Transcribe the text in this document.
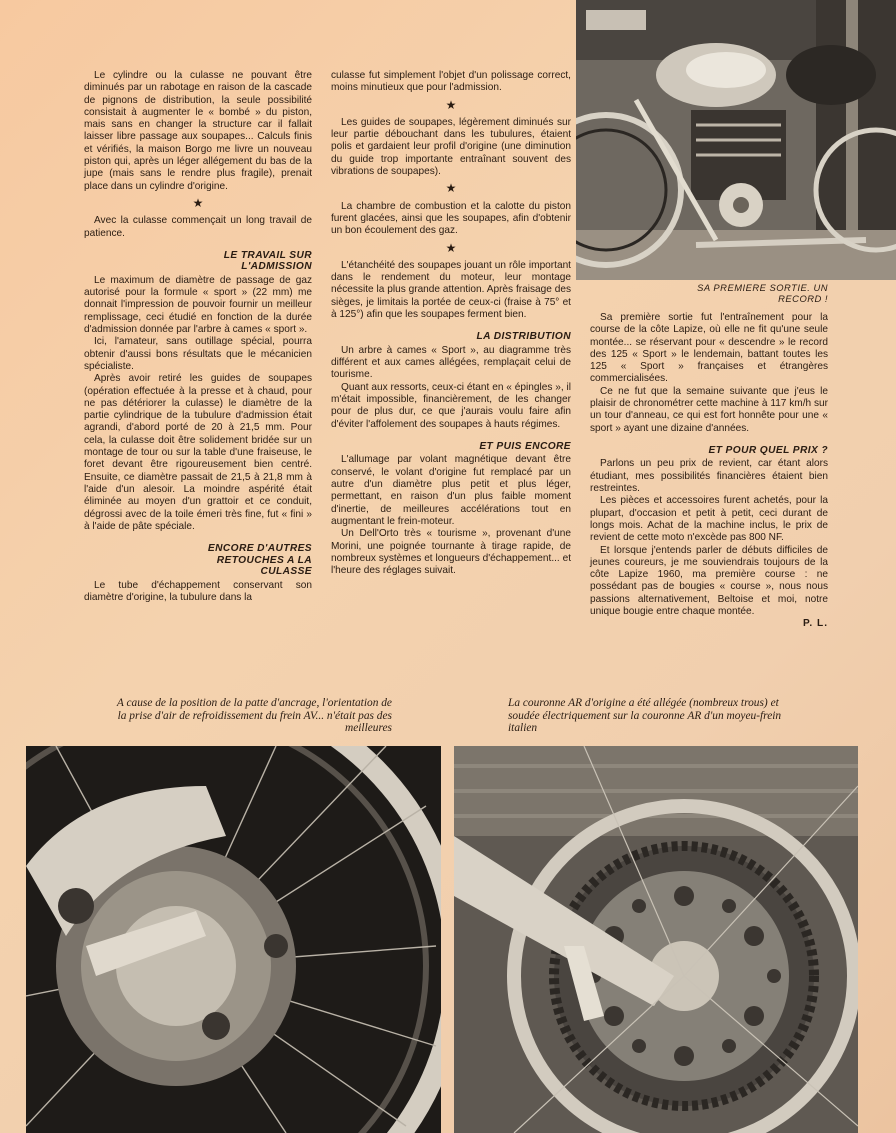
Le cylindre ou la culasse ne pouvant être diminués par un rabotage en raison de la cascade de pignons de distribution, la seule possibilité consistait à augmenter le « bombé » du piston, mais sans en changer la structure car il fallait laisser libre passage aux soupapes... Calculs finis et vérifiés, la maison Borgo me livre un nouveau piston qui, après un léger allégement du bas de la jupe (mais sans le rendre plus fragile), prenait place dans un cylindre d'origine.

★

Avec la culasse commençait un long travail de patience.

LE TRAVAIL SUR L'ADMISSION

Le maximum de diamètre de passage de gaz autorisé pour la formule « sport » (22 mm) me donnait l'impression de pouvoir fournir un meilleur remplissage, ceci étudié en fonction de la durée d'admission donnée par l'arbre à cames « sport ».

Ici, l'amateur, sans outillage spécial, pourra obtenir d'aussi bons résultats que le mécanicien spécialiste.

Après avoir retiré les guides de soupapes (opération effectuée à la presse et à chaud, pour ne pas détériorer la culasse) le diamètre de la partie cylindrique de la tubulure d'admission était agrandi, d'abord porté de 20 à 21,5 mm. Pour cela, la culasse doit être solidement bridée sur un montage de tour ou sur la table d'une fraiseuse, le foret devant être rigoureusement bien centré. Ensuite, ce diamètre passait de 21,5 à 21,8 mm à l'aide d'un alesoir. La moindre aspérité était éliminée au moyen d'un grattoir et ce conduit, dégrossi avec de la toile émeri très fine, fut « fini » à l'aide de pâte spéciale.

ENCORE D'AUTRES RETOUCHES A LA CULASSE

Le tube d'échappement conservant son diamètre d'origine, la tubulure dans la

culasse fut simplement l'objet d'un polissage correct, moins minutieux que pour l'admission.

★

Les guides de soupapes, légèrement diminués sur leur partie débouchant dans les tubulures, étaient polis et gardaient leur profil d'origine (une diminution du guide trop importante entraînant souvent des vibrations de soupapes).

★

La chambre de combustion et la calotte du piston furent glacées, ainsi que les soupapes, afin d'obtenir un bon écoulement des gaz.

★

L'étanchéité des soupapes jouant un rôle important dans le rendement du moteur, leur montage nécessite la plus grande attention. Après fraisage des sièges, je limitais la portée de ceux-ci (fraise à 75° et à 125°) afin que les soupapes ferment bien.

LA DISTRIBUTION

Un arbre à cames « Sport », au diagramme très différent et aux cames allégées, remplaçait celui de tourisme.

Quant aux ressorts, ceux-ci étant en « épingles », il m'était impossible, financièrement, de les changer pour de plus dur, ce que j'aurais voulu faire afin d'éviter l'affolement des soupapes à hauts régimes.

ET PUIS ENCORE

L'allumage par volant magnétique devant être conservé, le volant d'origine fut remplacé par un autre d'un diamètre plus petit et plus léger, permettant, en raison d'un plus faible moment d'inertie, de meilleures accélérations tout en augmentant le frein-moteur.

Un Dell'Orto très « tourisme », provenant d'une Morini, une poignée tournante à tirage rapide, de nombreux systèmes et longueurs d'échappement... et l'heure des réglages suivait.

SA PREMIERE SORTIE. UN RECORD !

Sa première sortie fut l'entraînement pour la course de la côte Lapize, où elle ne fit qu'une seule montée... se réservant pour « descendre » le record des 125 « Sport » le lendemain, battant toutes les 125 « Sport » françaises et étrangères commercialisées.

Ce ne fut que la semaine suivante que j'eus le plaisir de chronométrer cette machine à 117 km/h sur un tour d'anneau, ce qui est fort honnête pour une « sport » ayant une dizaine d'années.

ET POUR QUEL PRIX ?

Parlons un peu prix de revient, car étant alors étudiant, mes possibilités financières étaient bien restreintes.

Les pièces et accessoires furent achetés, pour la plupart, d'occasion et petit à petit, ceci durant de longs mois. Achat de la machine inclus, le prix de revient de cette moto n'excède pas 800 NF.

Et lorsque j'entends parler de débuts difficiles de jeunes coureurs, je me souviendrais toujours de la côte Lapize 1960, ma première course : ne possédant pas de bougies « course », nous nous passions alternativement, Beltoise et moi, notre unique bougie entre chaque montée.

P. L.

A cause de la position de la patte d'ancrage, l'orientation de la prise d'air de refroidissement du frein AV... n'était pas des meilleures
La couronne AR d'origine a été allégée (nombreux trous) et soudée électriquement sur la couronne AR d'un moyeu-frein italien
